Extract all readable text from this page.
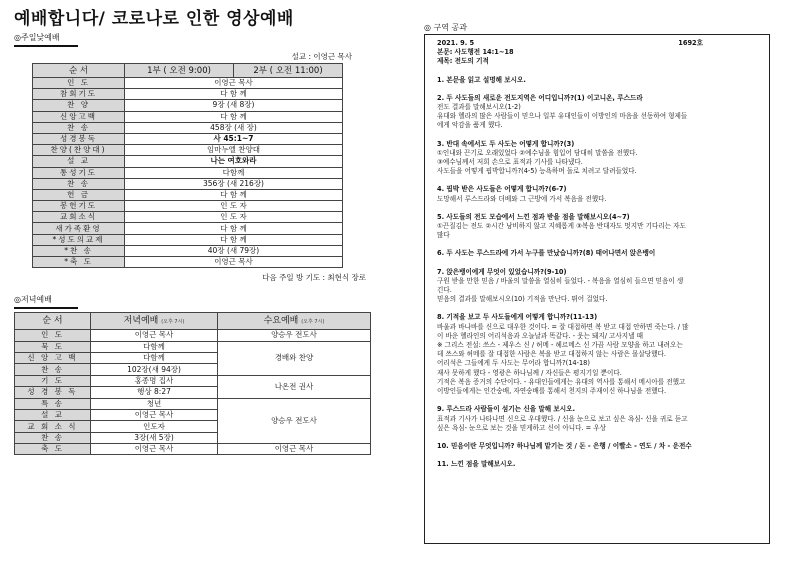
예배합니다/ 코로나로 인한 영상예배
◎주일낮예배
설교 : 이영근 목사
순 서	1부 ( 오전 9:00)	2부 ( 오전 11:00)
인 도	이영근 목사	
참회기도	다 함 께	
찬 양	9장 (새 8장)	
신앙고백	다 함 께	
찬 송	458장 (새 장)	
성경봉독	사 45:1~7	
찬양(찬양대)	임마누엘 찬양대	
설 교	나는 여호와라	
통성기도	다함께	
찬 송	356장 (새 216장)	
헌 금	다 함 께	
봉헌기도	인 도 자	
교회소식	인 도 자	
새가족환영	다 함 께	
*성도의교제	다 함 께	
*찬 송	40장 (새 79장)	
*축 도	이영근 목사	
다음 주일 방 기도 : 최현식 장로
◎저녁예배
순 서	저녁예배 (오후 7시)	수요예배 (오후 7시)
인 도	이영근 목사	양승우 전도사
묵 도	다함께	경배와 찬양
신 앙 고 백	다함께	
찬 송	102장(새 94장)	
기 도	홍종명 집사	나온전 권사
성 경 봉 독	행상 8:27	
특 송	청년	양승우 전도사
설 교	이영근 목사	
교 회 소 식	인도자	
찬 송	3장(새 5장)	
축 도	이영근 목사	이영근 목사
◎ 구역 공과
2021. 9. 5	1692호
본문: 사도행전 14:1~18
제목: 전도의 기적
1. 본문을 읽고 설명해 보시오.
2. 두 사도들의 새로운 전도지역은 어디입니까?(1) 이고니온, 루스드라
전도 결과를 말해보시오(1-2)
유대와 헬라의 많은 사람들이 믿으나 일부 유대인들이 이방인의 마음을 선동하여 형제들
에게 악감을 품게 했다.
3. 반대 속에서도 두 사도는 어떻게 합니까?(3)
①인내와 끈기로 오래있었다 ②예수님을 힘입어 담대히 말씀을 전했다.
③예수님께서 저희 손으로 표적과 기사를 나타냈다.
사도들을 어떻게 핍박합니까?(4-5) 능욕하며 돌로 치려고 달려들었다.
4. 핍박 받은 사도들은 어떻게 합니까?(6-7)
도망해서 루스드라와 더베와 그 근방에 가서 복음을 전했다.
5. 사도들의 전도 모습에서 느낀 점과 받을 점을 말해보시오(4~7)
①끈질김는 전도 ②시간 낭비하지 않고 지혜롭게 ③복음 반대자도 멋지만 기다리는 자도
많다
6. 두 사도는 루스드라에 가서 누구를 만났습니까?(8) 태어나면서 앉은뱅이
7. 앉은뱅이에게 무엇이 있었습니까?(9-10)
구원 받을 만한 믿음 / 바울의 말씀을 열심히 들었다. - 복음을 열심히 들으면 믿음이 생
긴다.
믿음의 결과를 말해보시오(10) 기적을 만난다. 뛰어 걸었다.
8. 기적을 보고 두 사도들에게 어떻게 합니까?(11-13)
바울과 바나바를 신으로 대우한 것이다. = 잘 대접하면 복 받고 대접 안하면 죽는다. / 많
이 바운 헬라인의 어리석음과 오늘날과 똑같다. - 웃는 돼지/ 고사지낼 때
※ 그리스 전설: 쓰스 - 제우스 신 / 허메 - 헤르메스 신 가끔 사람 모양을 하고 내려오는
데 쓰스와 허메를 잘 대접한 사람은 복을 받고 대접하지 않는 사람은 몰살당했다.
어리석은 그들에게 두 사도는 무어라 합니까?(14-18)
재사 못하게 했다 - 영광은 하나님께 / 자신들은 평지기일 뿐이다.
기적은 복음 증거의 수단이다. - 유대인들에게는 유대의 역사를 통해서 메시아를 전했고
이방인들에게는 인간숭배, 자연숭배를 통해서 천지의 주재이신 하나님을 전했다.
9. 루스드라 사람들이 섬기는 신을 말해 보시오.
표적과 기사가 나타나면 신으로 우대했다. / 신을 눈으로 보고 싶은 욕심- 신을 귀로 듣고
싶은 욕심- 눈으로 보는 것을 믿게하고 신이 아니다. = 우상
10. 믿음이란 무엇입니까? 하나님께 맡기는 것 / 돈 - 은행 / 이빨소 - 연도 / 차 - 운전수
11. 느낀 점을 말해보시오.
